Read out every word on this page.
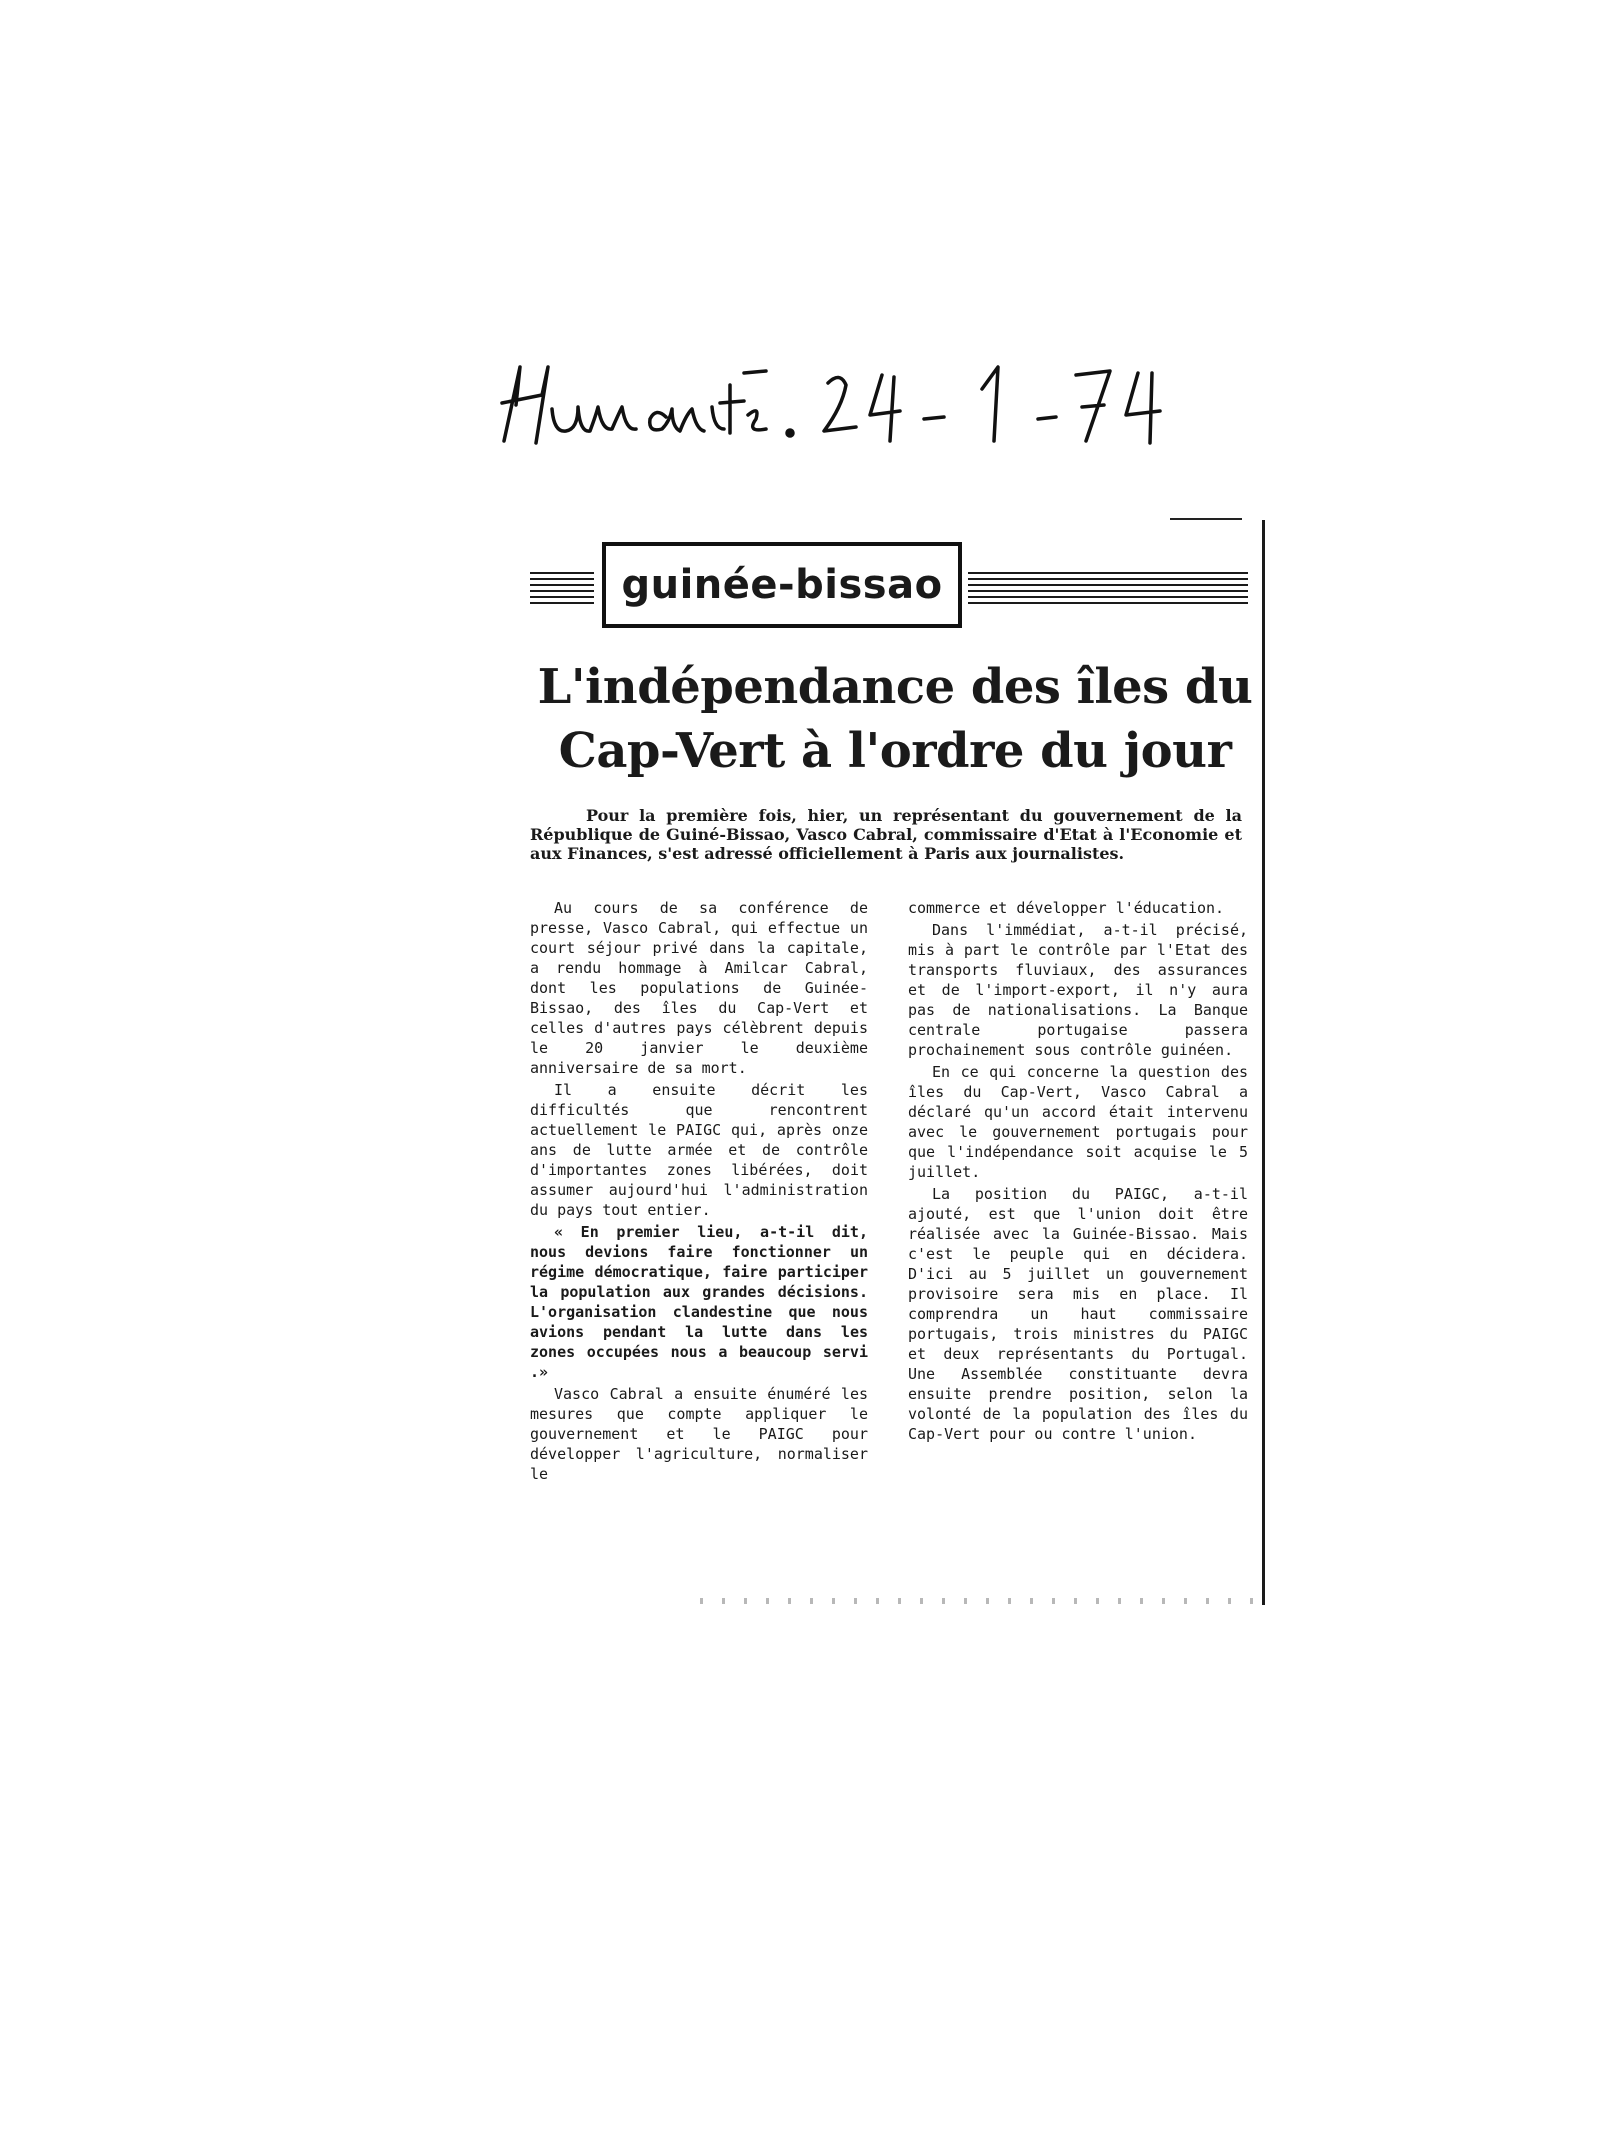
guinée-bissao
L'indépendance des îles du
Cap-Vert à l'ordre du jour

Pour la première fois, hier, un représentant du gouvernement de la République de Guiné-Bissao, Vasco Cabral, commissaire d'Etat à l'Economie et aux Finances, s'est adressé officiellement à Paris aux journalistes.

Au cours de sa conférence de presse, Vasco Cabral, qui effectue un court séjour privé dans la capitale, a rendu hommage à Amilcar Cabral, dont les populations de Guinée-Bissao, des îles du Cap-Vert et celles d'autres pays célèbrent depuis le 20 janvier le deuxième anniversaire de sa mort.

Il a ensuite décrit les difficultés que rencontrent actuellement le PAIGC qui, après onze ans de lutte armée et de contrôle d'importantes zones libérées, doit assumer aujourd'hui l'administration du pays tout entier.

« En premier lieu, a-t-il dit, nous devions faire fonctionner un régime démocratique, faire participer la population aux grandes décisions. L'organisation clandestine que nous avions pendant la lutte dans les zones occupées nous a beaucoup servi .»

Vasco Cabral a ensuite énuméré les mesures que compte appliquer le gouvernement et le PAIGC pour développer l'agriculture, normaliser le

commerce et développer l'éducation.

Dans l'immédiat, a-t-il précisé, mis à part le contrôle par l'Etat des transports fluviaux, des assurances et de l'import-export, il n'y aura pas de nationalisations. La Banque centrale portugaise passera prochainement sous contrôle guinéen.

En ce qui concerne la question des îles du Cap-Vert, Vasco Cabral a déclaré qu'un accord était intervenu avec le gouvernement portugais pour que l'indépendance soit acquise le 5 juillet.

La position du PAIGC, a-t-il ajouté, est que l'union doit être réalisée avec la Guinée-Bissao. Mais c'est le peuple qui en décidera. D'ici au 5 juillet un gouvernement provisoire sera mis en place. Il comprendra un haut commissaire portugais, trois ministres du PAIGC et deux représentants du Portugal. Une Assemblée constituante devra ensuite prendre position, selon la volonté de la population des îles du Cap-Vert pour ou contre l'union.
